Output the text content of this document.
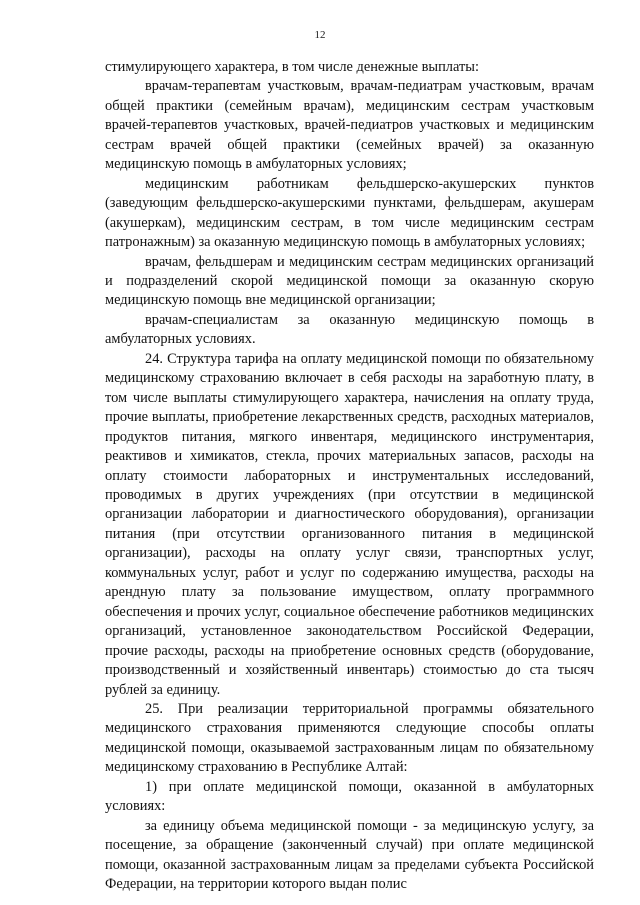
12

стимулирующего характера, в том числе денежные выплаты:

врачам-терапевтам участковым, врачам-педиатрам участковым, врачам общей практики (семейным врачам), медицинским сестрам участковым врачей-терапевтов участковых, врачей-педиатров участковых и медицинским сестрам врачей общей практики (семейных врачей) за оказанную медицинскую помощь в амбулаторных условиях;

медицинским работникам фельдшерско-акушерских пунктов (заведующим фельдшерско-акушерскими пунктами, фельдшерам, акушерам (акушеркам), медицинским сестрам, в том числе медицинским сестрам патронажным) за оказанную медицинскую помощь в амбулаторных условиях;

врачам, фельдшерам и медицинским сестрам медицинских организаций и подразделений скорой медицинской помощи за оказанную скорую медицинскую помощь вне медицинской организации;

врачам-специалистам за оказанную медицинскую помощь в амбулаторных условиях.

24. Структура тарифа на оплату медицинской помощи по обязательному медицинскому страхованию включает в себя расходы на заработную плату, в том числе выплаты стимулирующего характера, начисления на оплату труда, прочие выплаты, приобретение лекарственных средств, расходных материалов, продуктов питания, мягкого инвентаря, медицинского инструментария, реактивов и химикатов, стекла, прочих материальных запасов, расходы на оплату стоимости лабораторных и инструментальных исследований, проводимых в других учреждениях (при отсутствии в медицинской организации лаборатории и диагностического оборудования), организации питания (при отсутствии организованного питания в медицинской организации), расходы на оплату услуг связи, транспортных услуг, коммунальных услуг, работ и услуг по содержанию имущества, расходы на арендную плату за пользование имуществом, оплату программного обеспечения и прочих услуг, социальное обеспечение работников медицинских организаций, установленное законодательством Российской Федерации, прочие расходы, расходы на приобретение основных средств (оборудование, производственный и хозяйственный инвентарь) стоимостью до ста тысяч рублей за единицу.

25. При реализации территориальной программы обязательного медицинского страхования применяются следующие способы оплаты медицинской помощи, оказываемой застрахованным лицам по обязательному медицинскому страхованию в Республике Алтай:

1) при оплате медицинской помощи, оказанной в амбулаторных условиях:

за единицу объема медицинской помощи - за медицинскую услугу, за посещение, за обращение (законченный случай) при оплате медицинской помощи, оказанной застрахованным лицам за пределами субъекта Российской Федерации, на территории которого выдан полис
